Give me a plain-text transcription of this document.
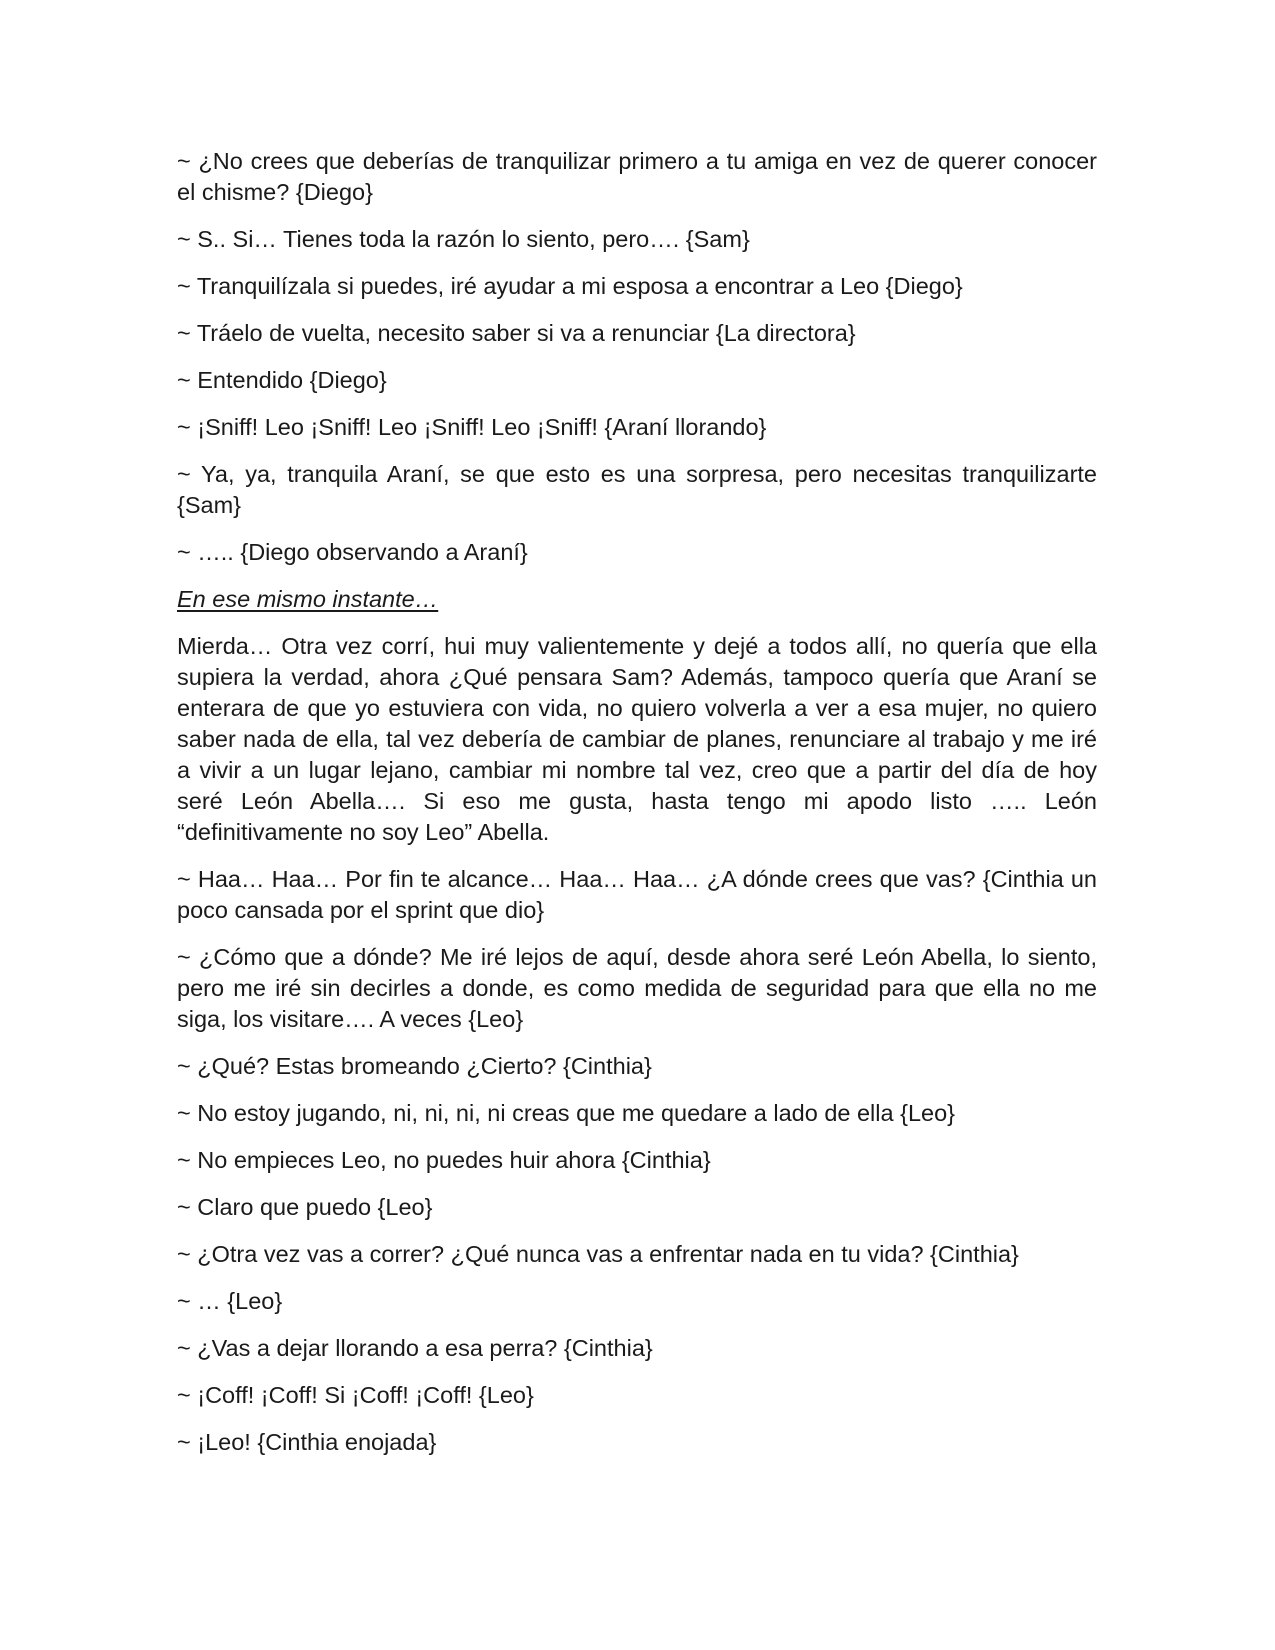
~ ¿No crees que deberías de tranquilizar primero a tu amiga en vez de querer conocer el chisme? {Diego}

~ S.. Si… Tienes toda la razón lo siento, pero…. {Sam}

~ Tranquilízala si puedes, iré ayudar a mi esposa a encontrar a Leo {Diego}

~ Tráelo de vuelta, necesito saber si va a renunciar {La directora}

~ Entendido {Diego}

~ ¡Sniff! Leo ¡Sniff! Leo ¡Sniff! Leo ¡Sniff! {Araní llorando}

~ Ya, ya, tranquila Araní, se que esto es una sorpresa, pero necesitas tranquilizarte {Sam}

~ ….. {Diego observando a Araní}

En ese mismo instante…

Mierda… Otra vez corrí, hui muy valientemente y dejé a todos allí, no quería que ella supiera la verdad, ahora ¿Qué pensara Sam? Además, tampoco quería que Araní se enterara de que yo estuviera con vida, no quiero volverla a ver a esa mujer, no quiero saber nada de ella, tal vez debería de cambiar de planes, renunciare al trabajo y me iré a vivir a un lugar lejano, cambiar mi nombre tal vez, creo que a partir del día de hoy seré León Abella…. Si eso me gusta, hasta tengo mi apodo listo ….. León “definitivamente no soy Leo” Abella.

~ Haa… Haa… Por fin te alcance… Haa… Haa… ¿A dónde crees que vas? {Cinthia un poco cansada por el sprint que dio}

~ ¿Cómo que a dónde? Me iré lejos de aquí, desde ahora seré León Abella, lo siento, pero me iré sin decirles a donde, es como medida de seguridad para que ella no me siga, los visitare…. A veces {Leo}

~ ¿Qué? Estas bromeando ¿Cierto? {Cinthia}

~ No estoy jugando, ni, ni, ni, ni creas que me quedare a lado de ella {Leo}

~ No empieces Leo, no puedes huir ahora {Cinthia}

~ Claro que puedo {Leo}

~ ¿Otra vez vas a correr? ¿Qué nunca vas a enfrentar nada en tu vida? {Cinthia}

~ … {Leo}

~ ¿Vas a dejar llorando a esa perra? {Cinthia}

~ ¡Coff! ¡Coff! Si ¡Coff! ¡Coff! {Leo}

~ ¡Leo! {Cinthia enojada}
